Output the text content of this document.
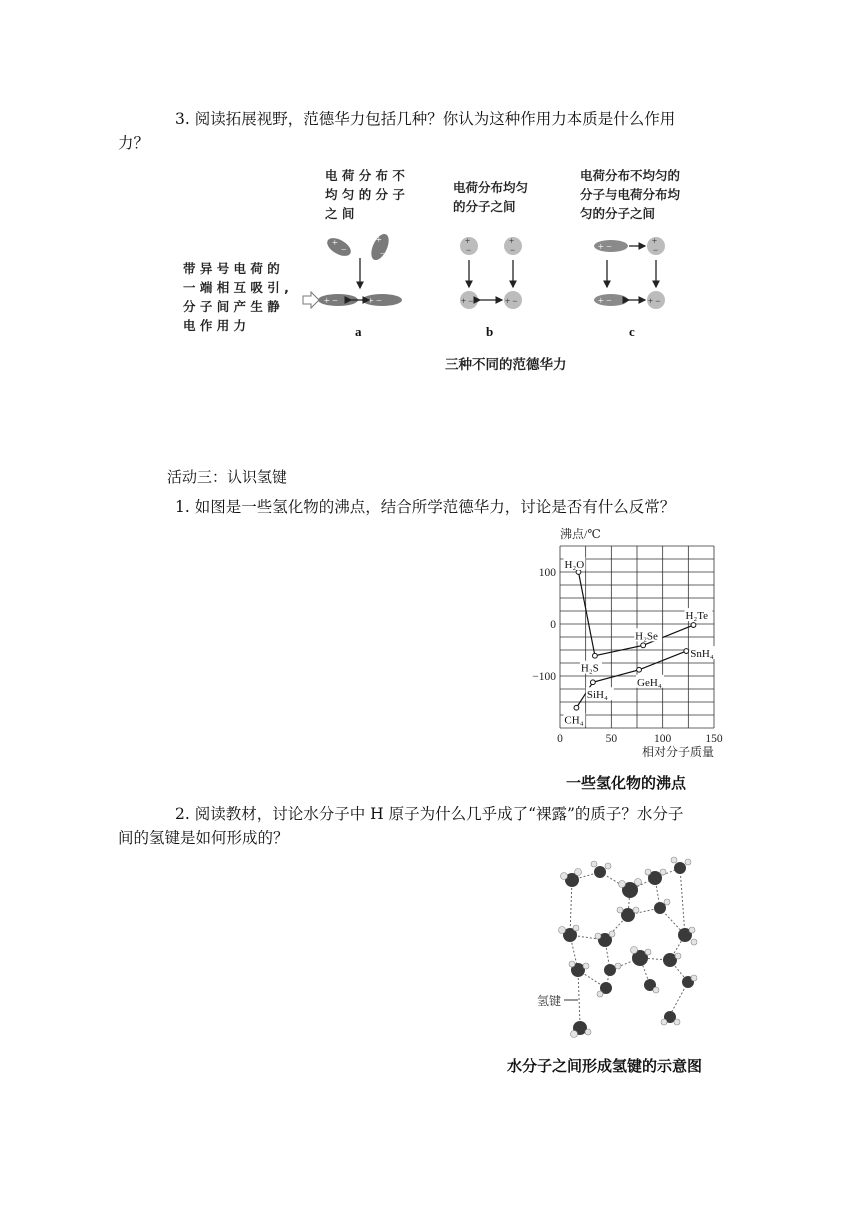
3. 阅读拓展视野，范德华力包括几种？你认为这种作用力本质是什么作用
力？
电 荷 分 布 不
均 匀 的 分 子
之 间
电荷分布均匀
的分子之间
电荷分布不均匀的
分子与电荷分布均
匀的分子之间
带 异 号 电 荷 的
一 端 相 互 吸 引 ,
分 子 间 产 生 静
电 作 用 力
+
−
+
−
+ −	+ −
+
−
+
−
+ −	+ −
+ −
+
−
+ −	+ −
a	b	c
三种不同的范德华力
活动三：认识氢键
1. 如图是一些氢化物的沸点，结合所学范德华力，讨论是否有什么反常？
沸点/℃
相对分子质量
100
0
−100
0	50	100	150
H₂O
H₂S
H₂Se
H₂Te
CH₄
SiH₄
GeH₄
SnH₄
一些氢化物的沸点
2. 阅读教材，讨论水分子中 H 原子为什么几乎成了“裸露”的质子？水分子
间的氢键是如何形成的？
氢键
水分子之间形成氢键的示意图
